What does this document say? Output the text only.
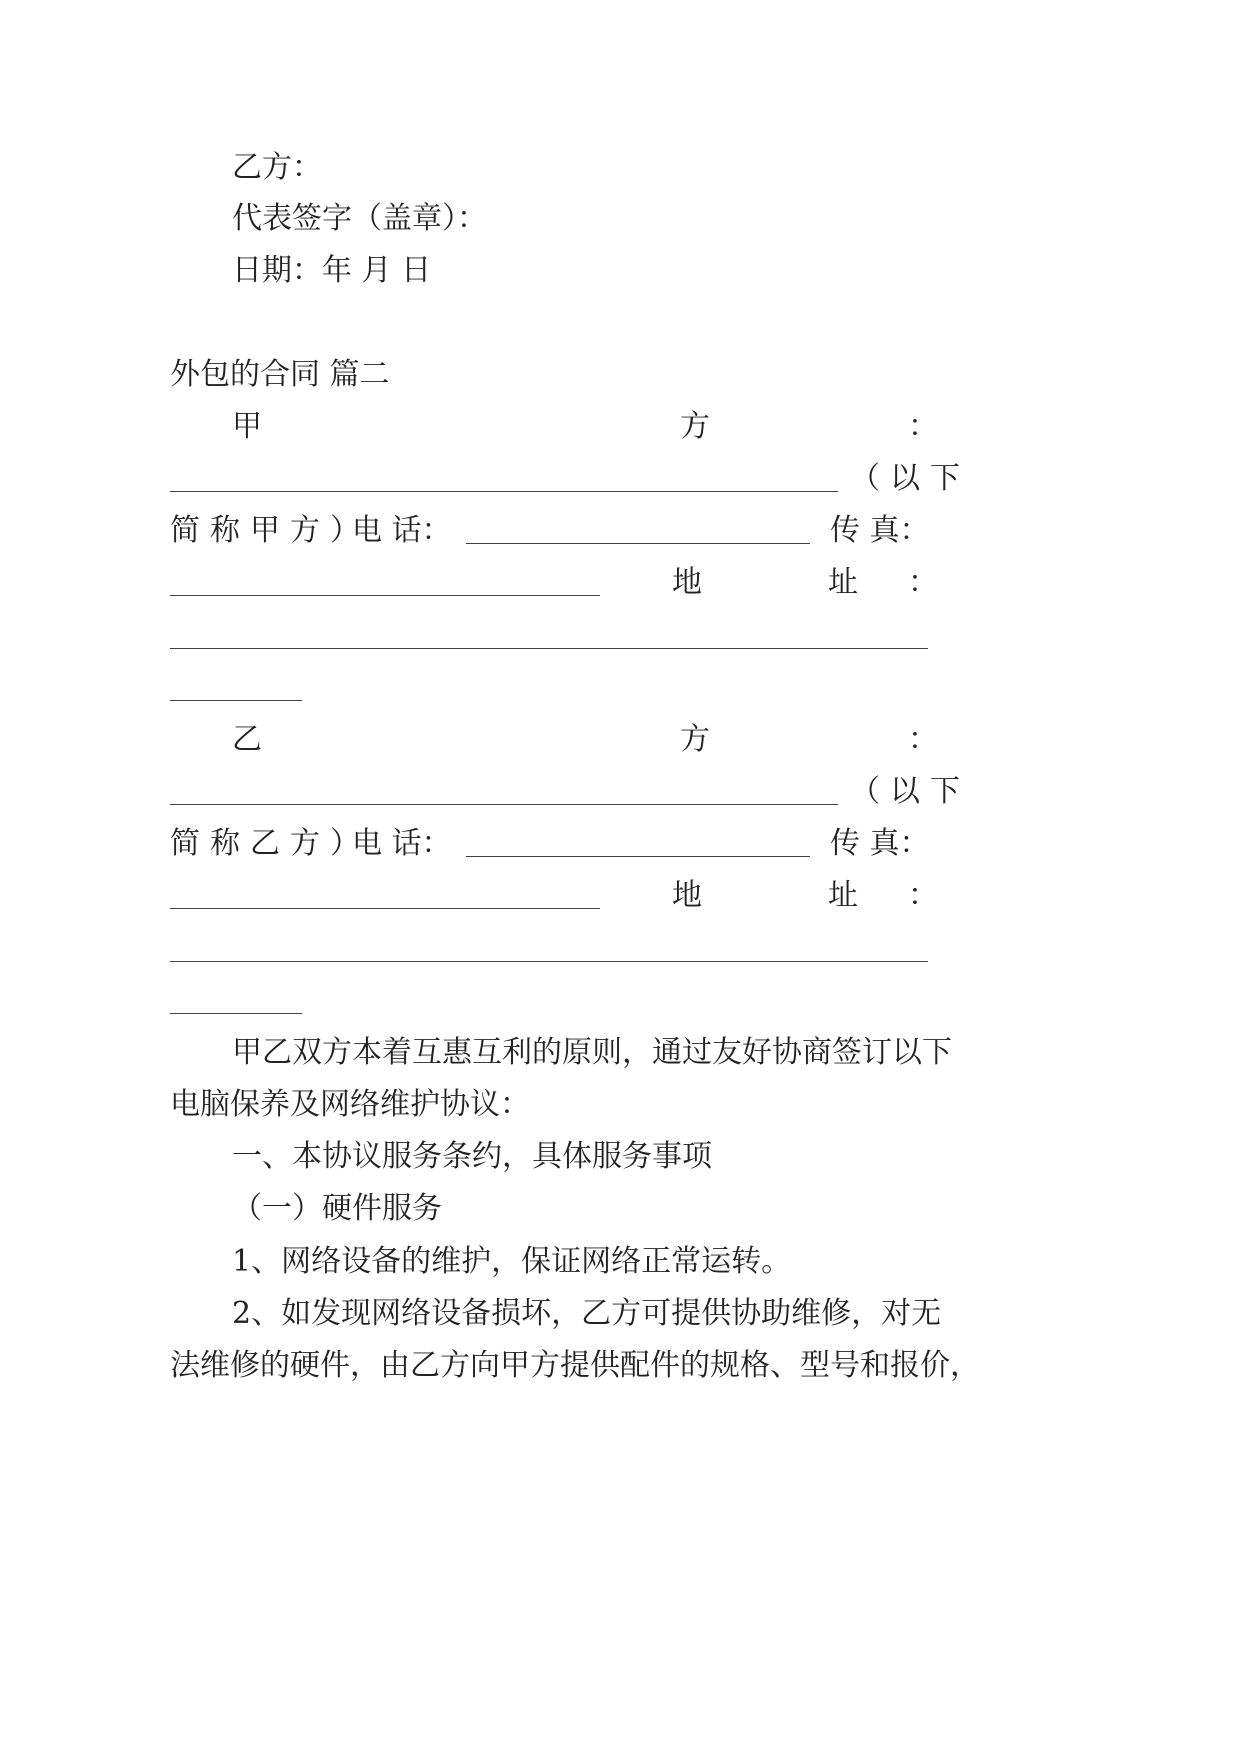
乙方：
代表签字（盖章）：
日期：年 月 日
外包的合同 篇二
甲	方	：
（以下
简称甲方）
电 话：	传 真：
地	址 ：
乙	方	：
（以下
简称乙方）
电 话：	传 真：
地	址 ：
甲乙双方本着互惠互利的原则，通过友好协商签订以下
电脑保养及网络维护协议：
一、本协议服务条约，具体服务事项
（一）硬件服务
1、网络设备的维护，保证网络正常运转。
2、如发现网络设备损坏，乙方可提供协助维修，对无
法维修的硬件，由乙方向甲方提供配件的规格、型号和报价，
